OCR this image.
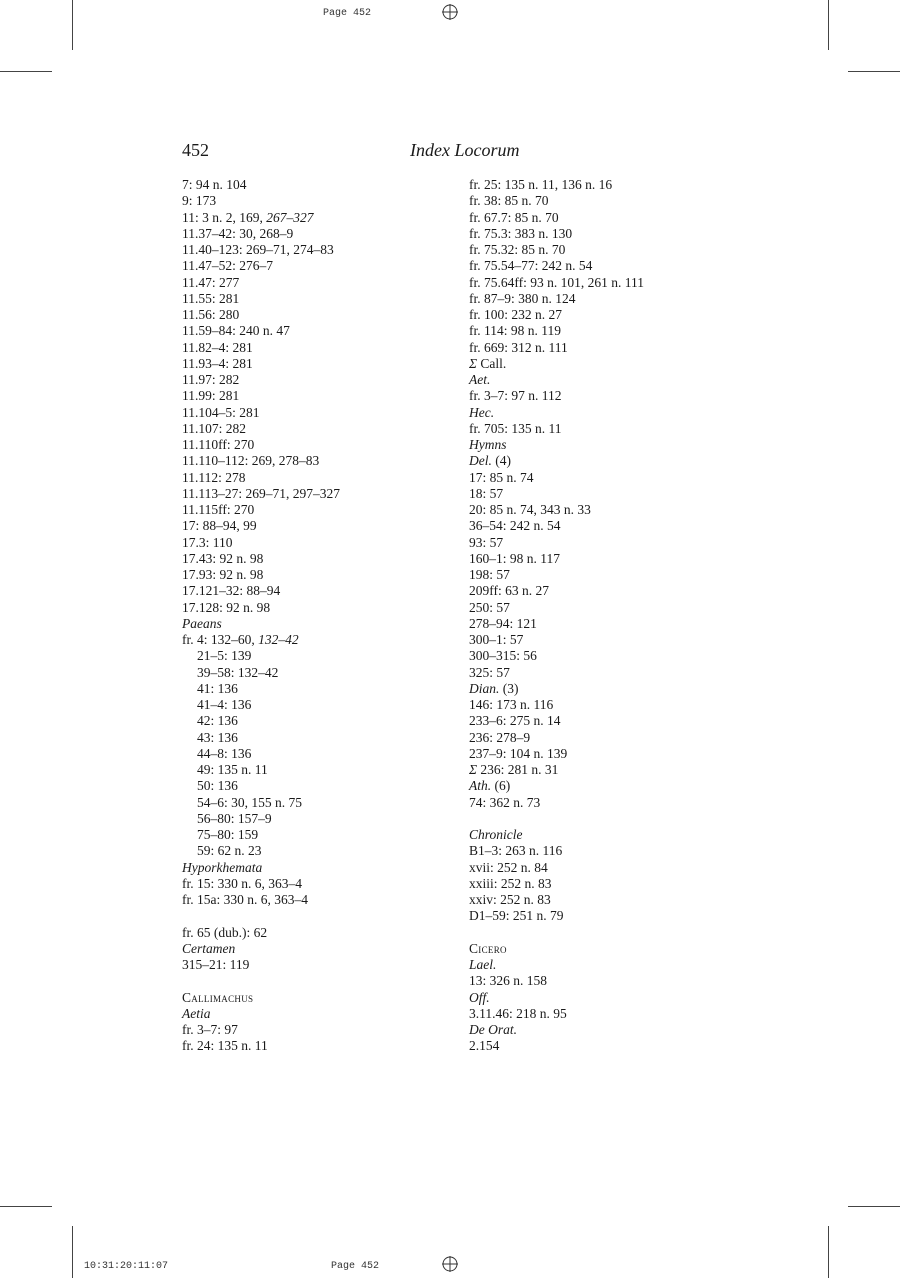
Page 452
10:31:20:11:07	Page 452
452	Index Locorum
7: 94 n. 104
9: 173
11: 3 n. 2, 169, 267–327
11.37–42: 30, 268–9
11.40–123: 269–71, 274–83
11.47–52: 276–7
11.47: 277
11.55: 281
11.56: 280
11.59–84: 240 n. 47
11.82–4: 281
11.93–4: 281
11.97: 282
11.99: 281
11.104–5: 281
11.107: 282
11.110ff: 270
11.110–112: 269, 278–83
11.112: 278
11.113–27: 269–71, 297–327
11.115ff: 270
17: 88–94, 99
17.3: 110
17.43: 92 n. 98
17.93: 92 n. 98
17.121–32: 88–94
17.128: 92 n. 98
Paeans
fr. 4: 132–60, 132–42
21–5: 139
39–58: 132–42
41: 136
41–4: 136
42: 136
43: 136
44–8: 136
49: 135 n. 11
50: 136
54–6: 30, 155 n. 75
56–80: 157–9
75–80: 159
59: 62 n. 23
Hyporkhemata
fr. 15: 330 n. 6, 363–4
fr. 15a: 330 n. 6, 363–4
fr. 65 (dub.): 62
Certamen
315–21: 119
Callimachus
Aetia
fr. 3–7: 97
fr. 24: 135 n. 11
fr. 25: 135 n. 11, 136 n. 16
fr. 38: 85 n. 70
fr. 67.7: 85 n. 70
fr. 75.3: 383 n. 130
fr. 75.32: 85 n. 70
fr. 75.54–77: 242 n. 54
fr. 75.64ff: 93 n. 101, 261 n. 111
fr. 87–9: 380 n. 124
fr. 100: 232 n. 27
fr. 114: 98 n. 119
fr. 669: 312 n. 111
Σ Call.
Aet.
fr. 3–7: 97 n. 112
Hec.
fr. 705: 135 n. 11
Hymns
Del. (4)
17: 85 n. 74
18: 57
20: 85 n. 74, 343 n. 33
36–54: 242 n. 54
93: 57
160–1: 98 n. 117
198: 57
209ff: 63 n. 27
250: 57
278–94: 121
300–1: 57
300–315: 56
325: 57
Dian. (3)
146: 173 n. 116
233–6: 275 n. 14
236: 278–9
237–9: 104 n. 139
Σ 236: 281 n. 31
Ath. (6)
74: 362 n. 73
Chronicle
B1–3: 263 n. 116
xvii: 252 n. 84
xxiii: 252 n. 83
xxiv: 252 n. 83
D1–59: 251 n. 79
Cicero
Lael.
13: 326 n. 158
Off.
3.11.46: 218 n. 95
De Orat.
2.154
